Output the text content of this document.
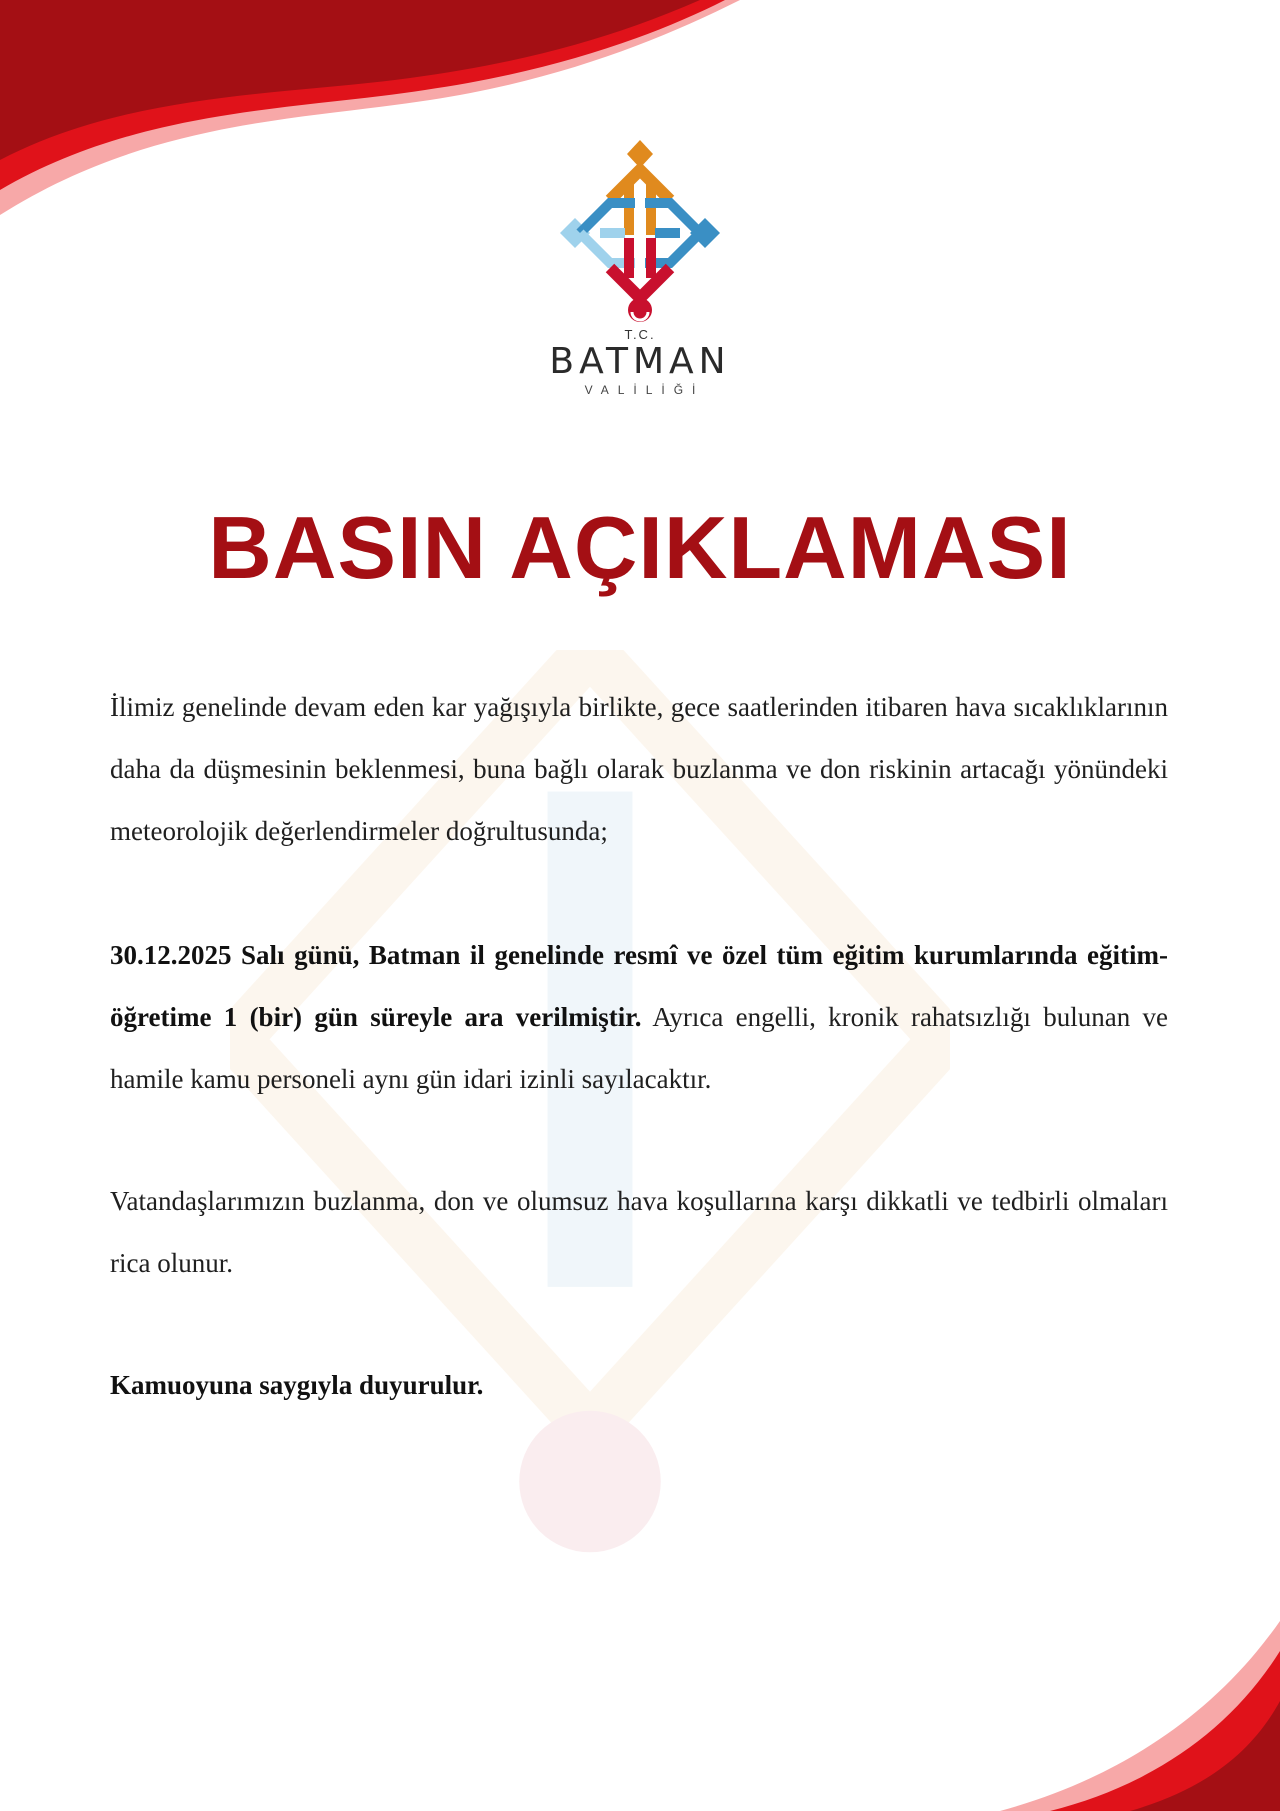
T.C.
BATMAN
VALİLİĞİ
BASIN AÇIKLAMASI

İlimiz genelinde devam eden kar yağışıyla birlikte, gece saatlerinden itibaren hava sıcaklıklarının daha da düşmesinin beklenmesi, buna bağlı olarak buzlanma ve don riskinin artacağı yönündeki meteorolojik değerlendirmeler doğrultusunda;

30.12.2025 Salı günü, Batman il genelinde resmî ve özel tüm eğitim kurumlarında eğitim-öğretime 1 (bir) gün süreyle ara verilmiştir. Ayrıca engelli, kronik rahatsızlığı bulunan ve hamile kamu personeli aynı gün idari izinli sayılacaktır.

Vatandaşlarımızın buzlanma, don ve olumsuz hava koşullarına karşı dikkatli ve tedbirli olmaları rica olunur.

Kamuoyuna saygıyla duyurulur.
